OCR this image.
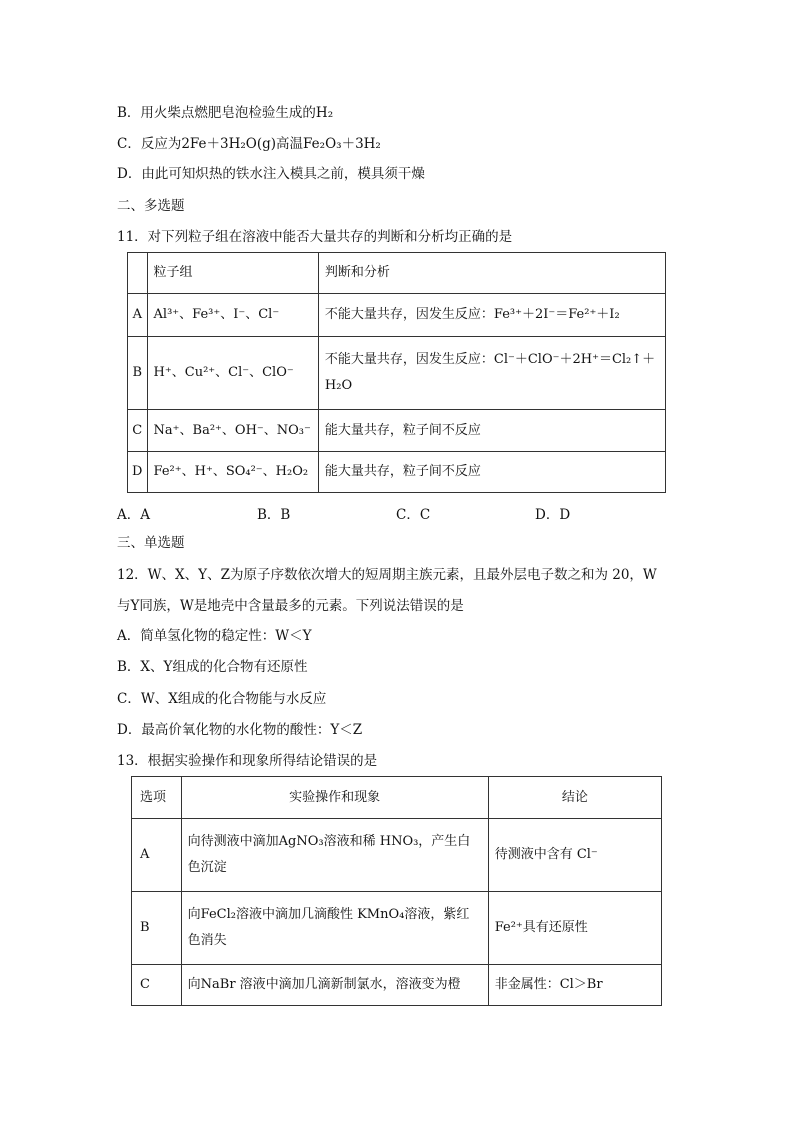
B．用火柴点燃肥皂泡检验生成的H₂
C．反应为2Fe＋3H₂O(g)高温Fe₂O₃＋3H₂
D．由此可知炽热的铁水注入模具之前，模具须干燥
二、多选题
11．对下列粒子组在溶液中能否大量共存的判断和分析均正确的是
	粒子组	判断和分析
A	Al³⁺、Fe³⁺、I⁻、Cl⁻	不能大量共存，因发生反应：Fe³⁺＋2I⁻＝Fe²⁺＋I₂
B	H⁺、Cu²⁺、Cl⁻、ClO⁻	不能大量共存，因发生反应：Cl⁻＋ClO⁻＋2H⁺＝Cl₂↑＋H₂O
C	Na⁺、Ba²⁺、OH⁻、NO₃⁻	能大量共存，粒子间不反应
D	Fe²⁺、H⁺、SO₄²⁻、H₂O₂	能大量共存，粒子间不反应
A．A	B．B	C．C	D．D
三、单选题
12．W、X、Y、Z为原子序数依次增大的短周期主族元素，且最外层电子数之和为 20，W
与Y同族，W是地壳中含量最多的元素。下列说法错误的是
A．简单氢化物的稳定性：W＜Y
B．X、Y组成的化合物有还原性
C．W、X组成的化合物能与水反应
D．最高价氧化物的水化物的酸性：Y＜Z
13．根据实验操作和现象所得结论错误的是
选项	实验操作和现象	结论
A	向待测液中滴加AgNO₃溶液和稀 HNO₃，产生白色沉淀	待测液中含有 Cl⁻
B	向FeCl₂溶液中滴加几滴酸性 KMnO₄溶液，紫红色消失	Fe²⁺具有还原性
C	向NaBr 溶液中滴加几滴新制氯水，溶液变为橙	非金属性：Cl＞Br
